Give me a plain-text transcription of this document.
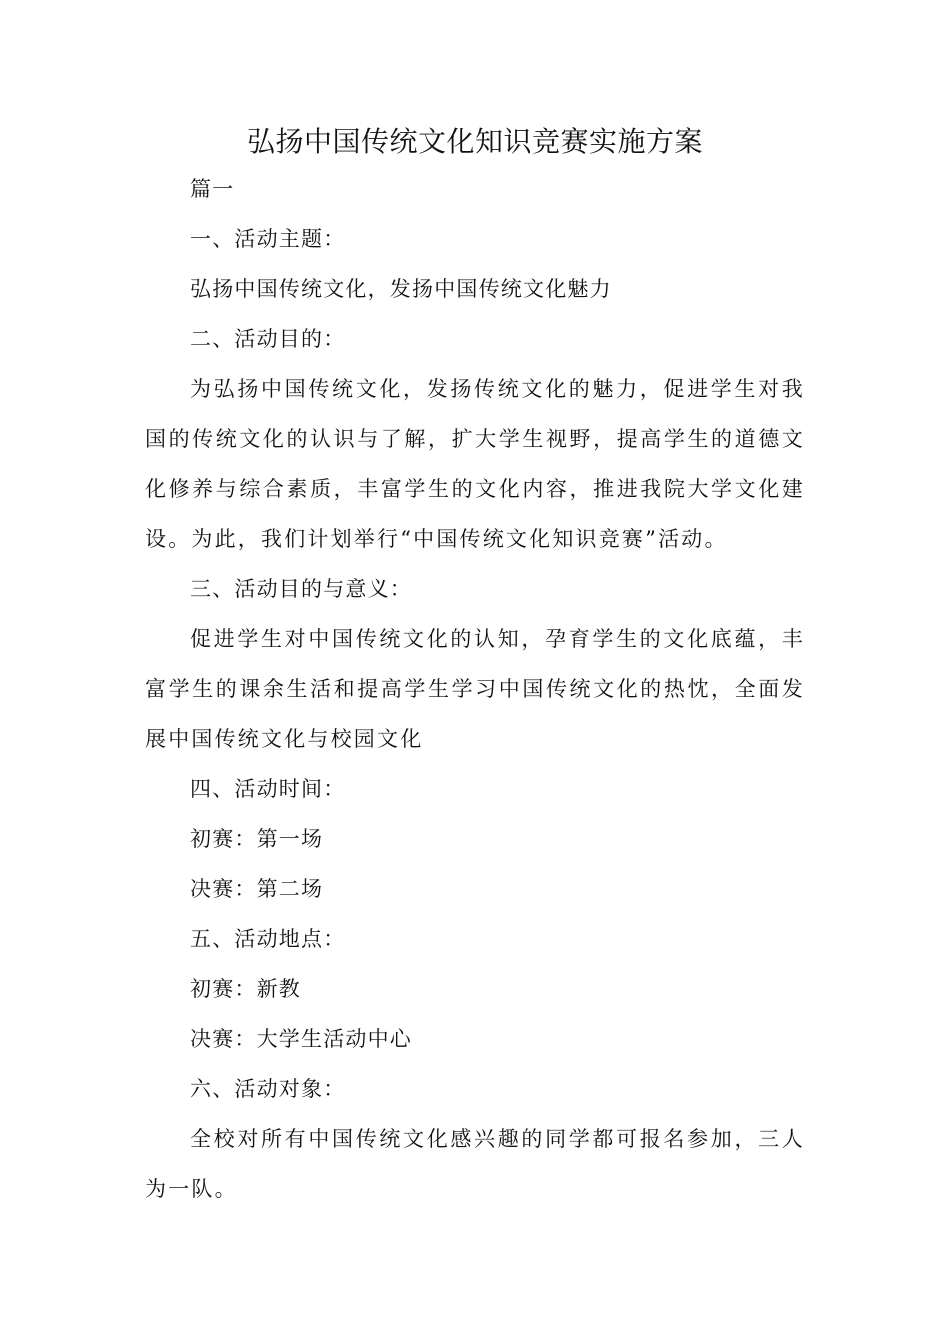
弘扬中国传统文化知识竞赛实施方案

篇一

一、活动主题：

弘扬中国传统文化，发扬中国传统文化魅力

二、活动目的：

为弘扬中国传统文化，发扬传统文化的魅力，促进学生对我国的传统文化的认识与了解，扩大学生视野，提高学生的道德文化修养与综合素质，丰富学生的文化内容，推进我院大学文化建设。为此，我们计划举行“中国传统文化知识竞赛”活动。

三、活动目的与意义：

促进学生对中国传统文化的认知，孕育学生的文化底蕴，丰富学生的课余生活和提高学生学习中国传统文化的热忱，全面发展中国传统文化与校园文化

四、活动时间：

初赛：第一场

决赛：第二场

五、活动地点：

初赛：新教

决赛：大学生活动中心

六、活动对象：

全校对所有中国传统文化感兴趣的同学都可报名参加，三人为一队。
